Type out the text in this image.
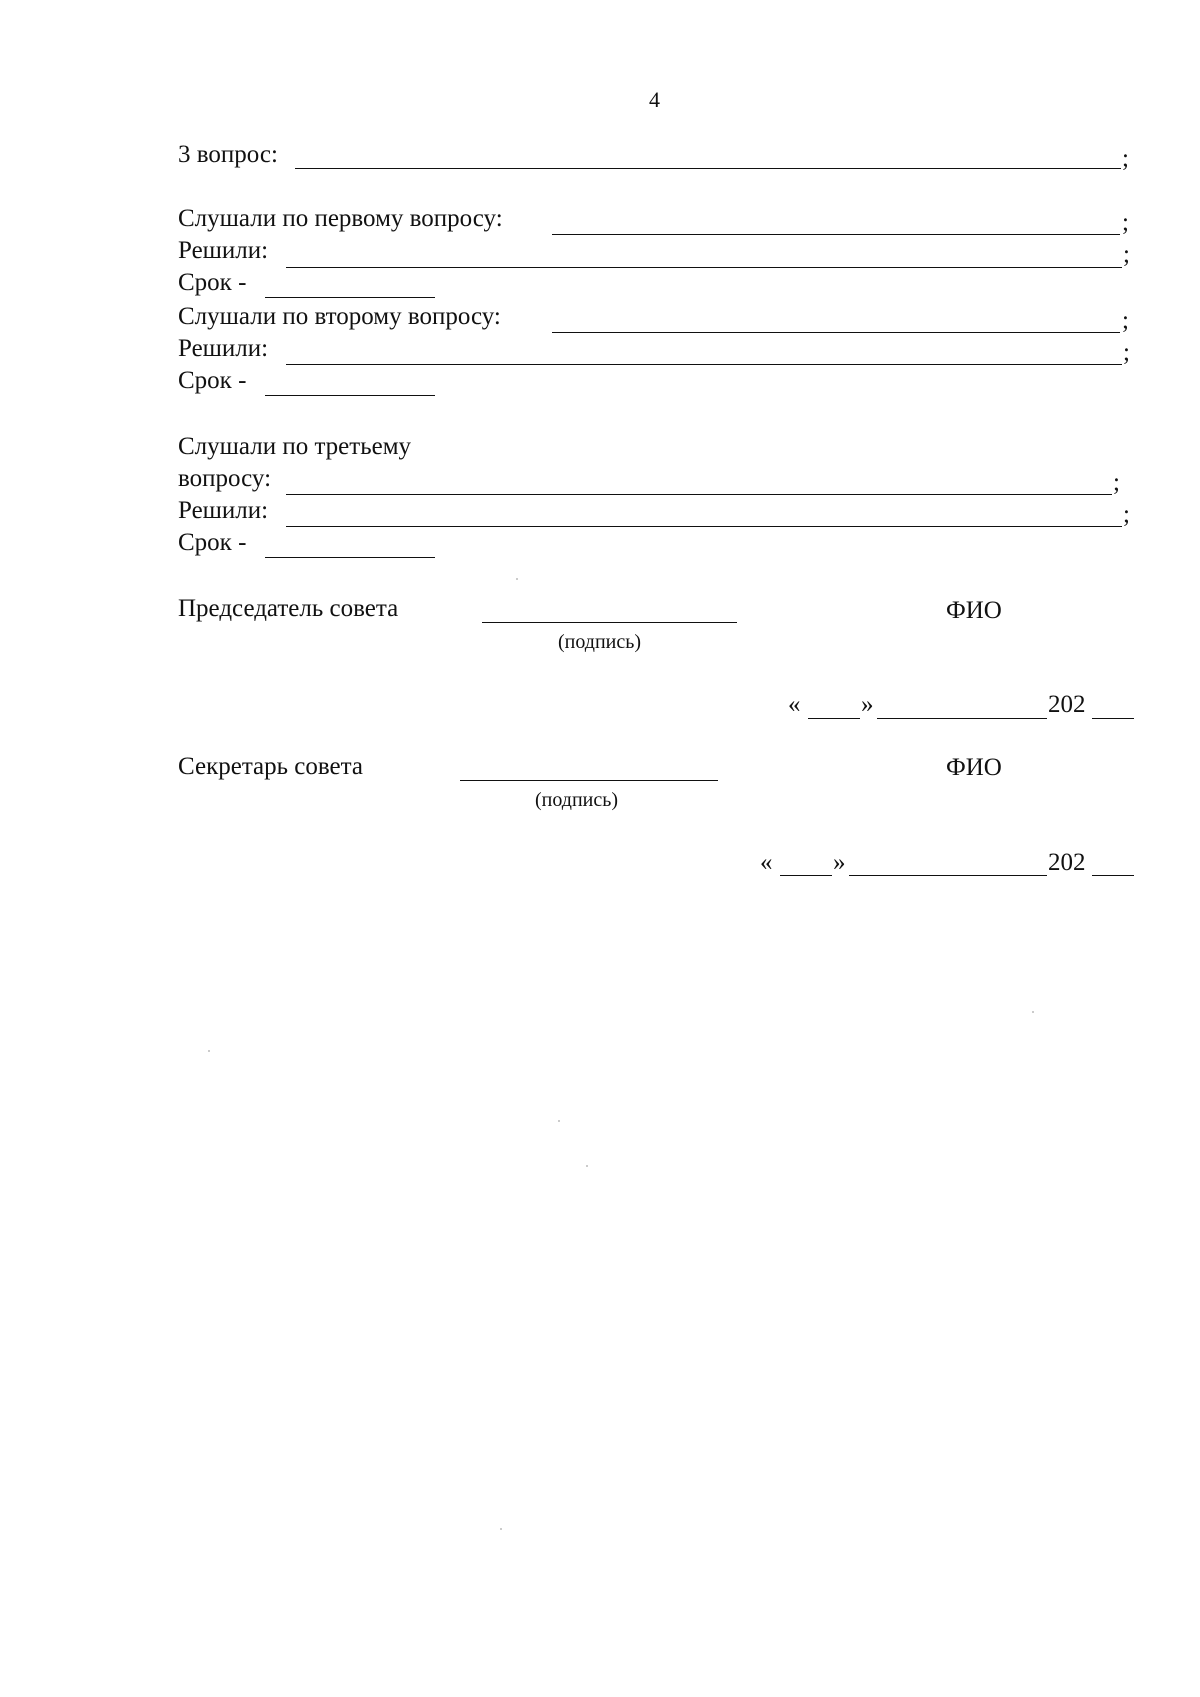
4
3 вопрос:	;
Слушали по первому вопросу:	;
Решили:	;
Срок -
Слушали по второму вопросу:	;
Решили:	;
Срок -
Слушали по третьему
вопросу:	;
Решили:	;
Срок -
Председатель совета
(подпись)
ФИО
« »	202
Секретарь совета
(подпись)
ФИО
« »	202
